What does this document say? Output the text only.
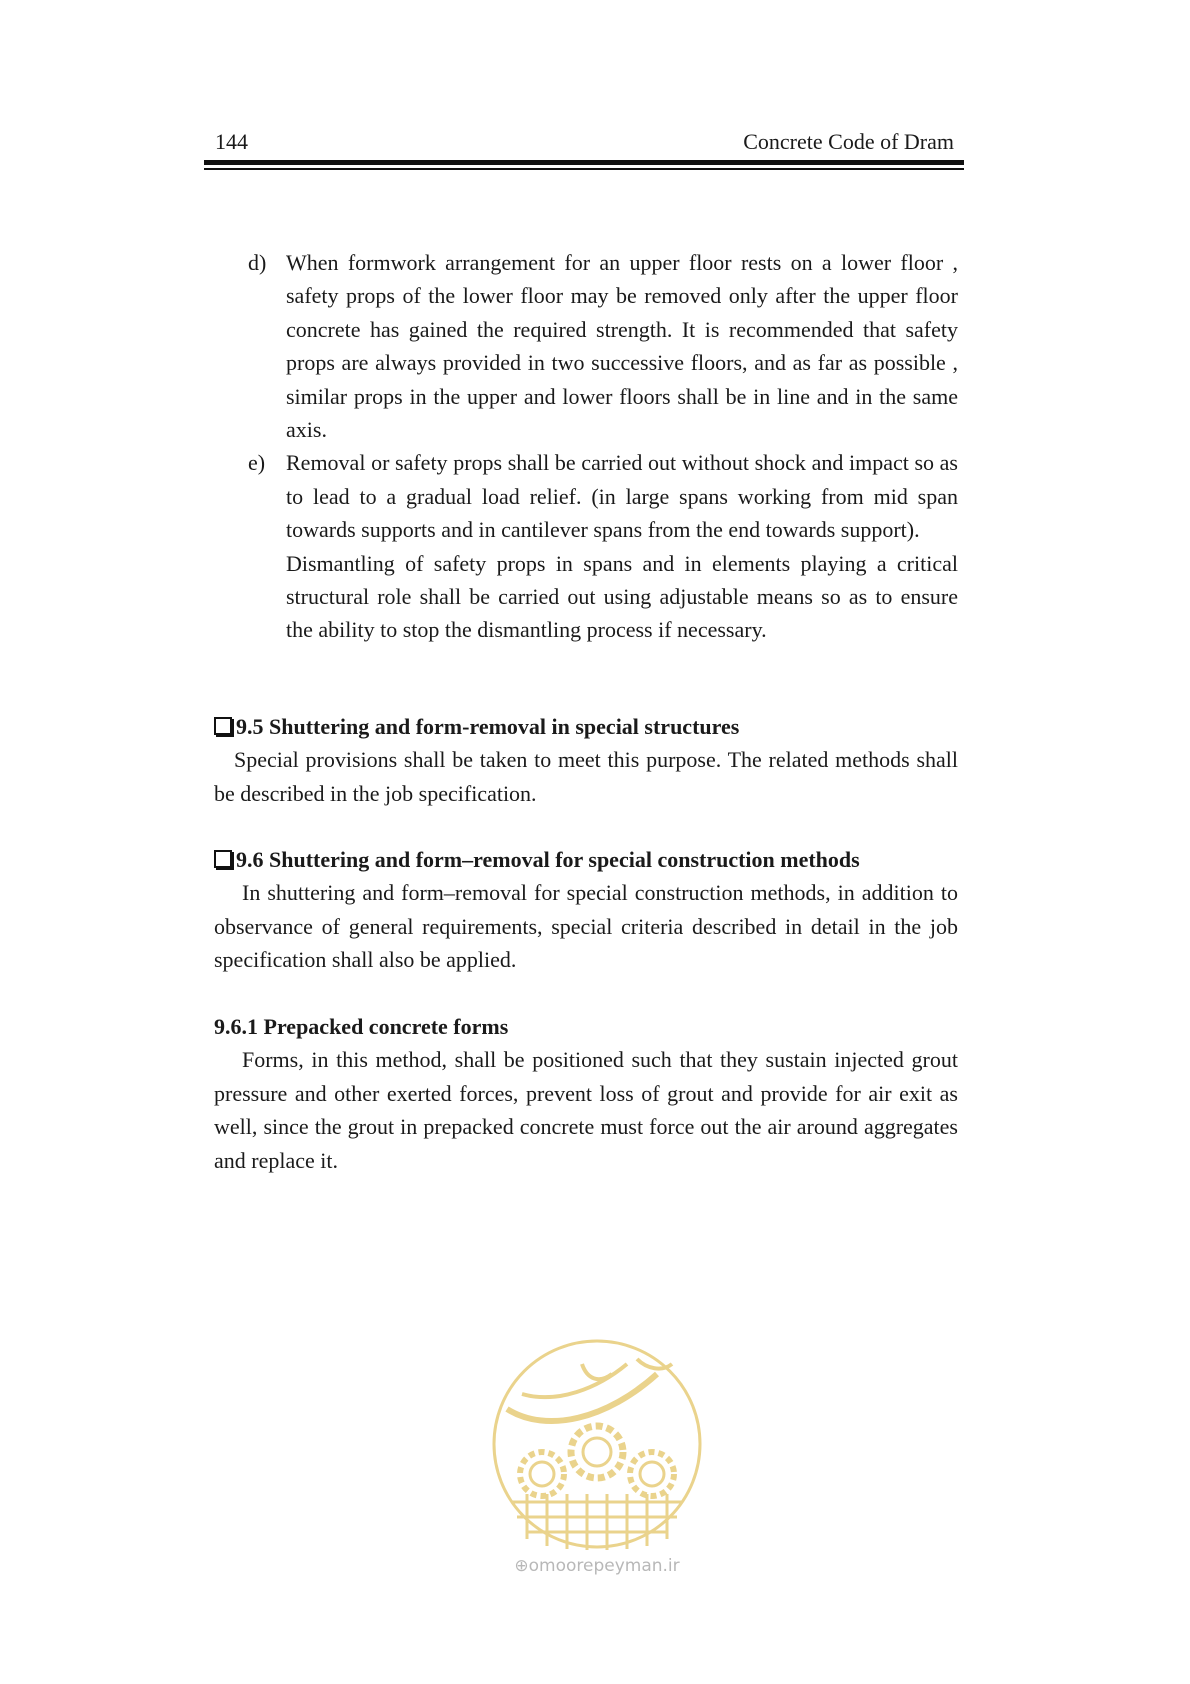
144	Concrete Code of Dram
d) When formwork arrangement for an upper floor rests on a lower floor , safety props of the lower floor may be removed only after the upper floor concrete has gained the required strength. It is recommended that safety props are always provided in two successive floors, and as far as possible , similar props in the upper and lower floors shall be in line and in the same axis.

e) Removal or safety props shall be carried out without shock and impact so as to lead to a gradual load relief. (in large spans working from mid span towards supports and in cantilever spans from the end towards support).

Dismantling of safety props in spans and in elements playing a critical structural role shall be carried out using adjustable means so as to ensure the ability to stop the dismantling process if necessary.

9.5 Shuttering and form-removal in special structures

Special provisions shall be taken to meet this purpose. The related methods shall be described in the job specification.

9.6 Shuttering and form–removal for special construction methods

In shuttering and form–removal for special construction methods, in addition to observance of general requirements, special criteria described in detail in the job specification shall also be applied.

9.6.1 Prepacked concrete forms

Forms, in this method, shall be positioned such that they sustain injected grout pressure and other exerted forces, prevent loss of grout and provide for air exit as well, since the grout in prepacked concrete must force out the air around aggregates and replace it.

⊕omoorepeyman.ir
